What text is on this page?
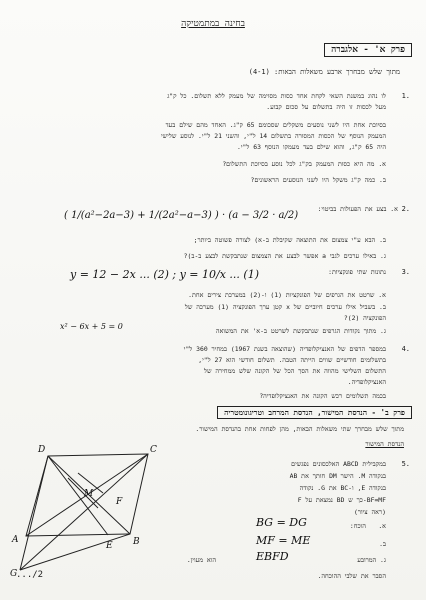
בחינה במתמטיקה
פרק א' - אלגברה
מתוך שלש מבחרך ארבע משאלות הבאות: (4-1)
1.
לו נהוג במשנת השאי לקחת אחד כסות מסוימה של מעמק ללא תשלום. כל ק"ג
מעל לכסות זו היה בתשלום על סכום קבוע.
בסיוכת אחת היו לשני נוסעים משקלים שסכומם 65 ק"ג. האחד מהם שילם בעד
המעמק הנוסף של הכסות המסורה בתשלום 14 ל"י, והשני 21 ל"י. לנוסע שלישי
היה 65 ק"ג, והוא שילם בעד מעמקו הנוסף 63 ל"י.
א. מה היא כסות המעמק בק"ג לכל נוסע בסיוכת התשלום?
ב. כמה ק"ג משקל היו לשני הנוסעים הראשונים?
2.
א. בצע את הפעולות בביטוי:
( 1/(a²−2a−3) + 1/(2a²−a−3) ) · (a − 3/2 · a/2)
ב. הבא ע"י צמצום את התוצאה שקיבלת ב-א) לצורה פשוטה ביותר;
ג. באילו ערכים לגבי a אפשר לבצע את הצמצום שנתבקשת לבצע ב-ב)?
3.
נתונות שתי פונקציות:
y = 12 − 2x ... (2) ; y = 10/x ... (1)
א. שרטט את הגרפים של הפונקציות (1) ו-(2) במערכת צירים אחת.
ב. בשביל אילו ערכים חיוביים של x קטן ערך הפונקציה (1) מערכה של
הפונקציה (2)?
ג. מתוך נקודות הגרפים שנתבקשת לשרטט ב-א' את המשואה
x² − 6x + 5 = 0
4.
במספר הדפים של האנציקלופדיה (שהוצאה בשנת 1967) במחיר 360 ל"י
בתשלומים חודשיים שווים הייתה הטבה. תשלום חודשי הוא 27 ל"י,
התשלום השלישי מהווה את הסך הכל של הקונה שלש ממחירה של
האנציקלופדיה.
בכמה תשלומים רכש הקונה את האנציקלופדיה?
פרק ב' - הנדסת המישור, הנדסת המרחב וטריגונומטריה
מתוך שלש מבחרך שתי משאלות הבאות, מהן לפחות אחת בהנדסת המישור.
הנדסת המישור
5.
במקבילית ABCD האלכסונים נפגשים
בנקודה M. הישר DM חותך את AB
בנקודה E, ו-BC את G. נקודה
F נמצאת על BD כך ש-BF=MF
(ראה ציור)
הוכח: א.
BG = DG
ב.
MF = ME
ג. המרובע
EBFD
הוא מעוין.
הסבר את שלבי ההוכחה.
D	C
A	B
G
E
F
M
.../2
